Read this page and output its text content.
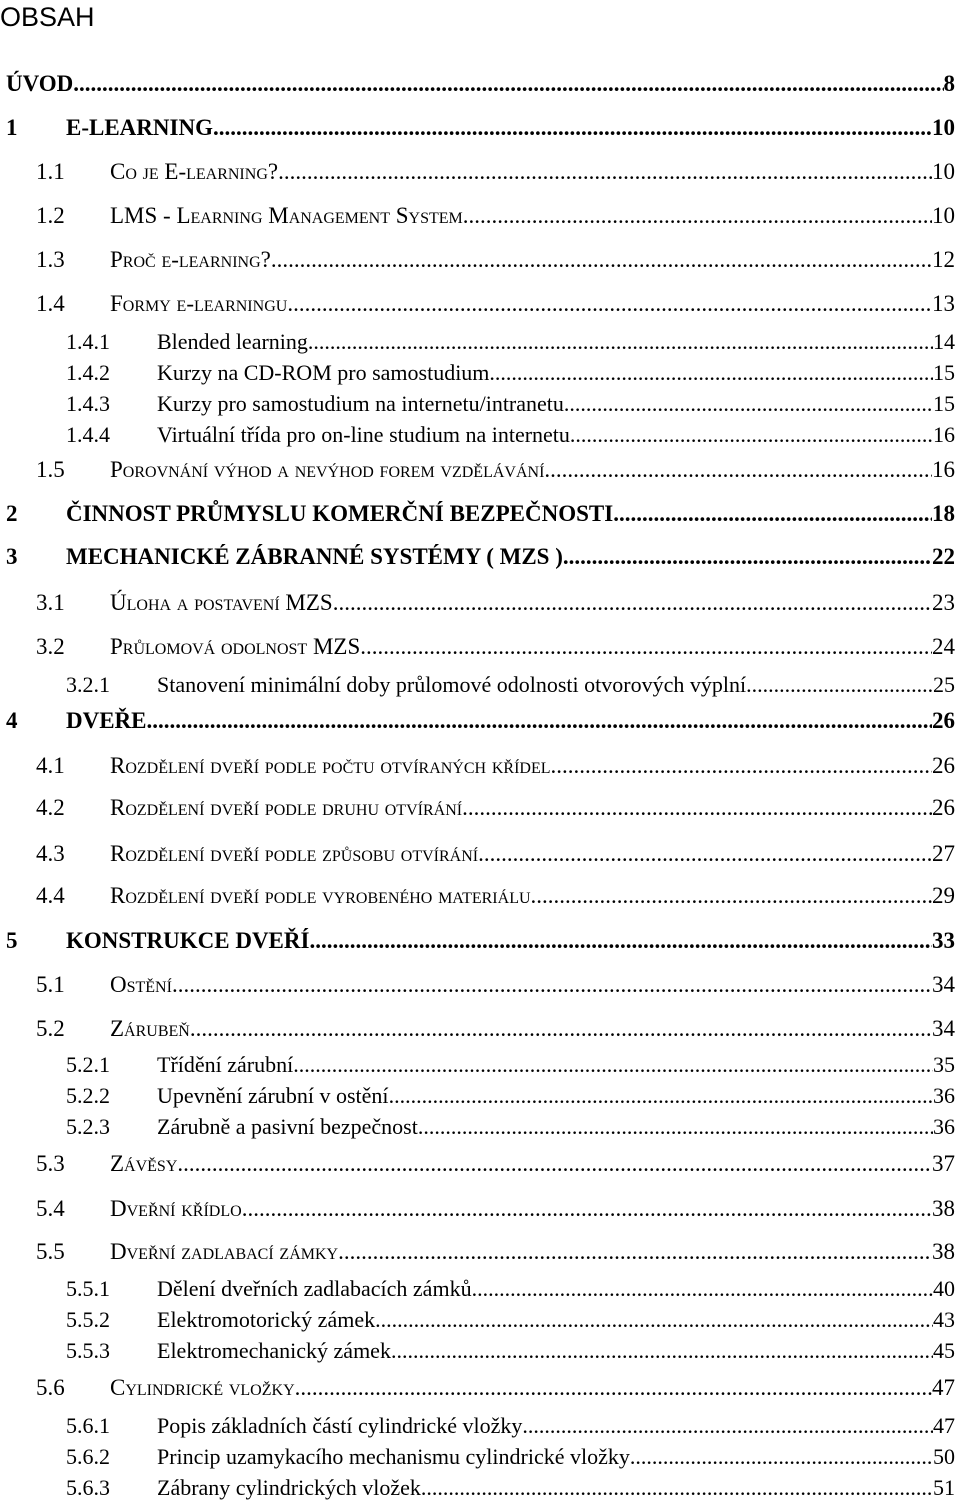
OBSAH
ÚVOD .....	8
1 E-LEARNING .....	10
1.1 Co je E-learning? .....	10
1.2 LMS - Learning Management System .....	10
1.3 Proč e-learning? .....	12
1.4 Formy e-learningu .....	13
1.4.1 Blended learning .....	14
1.4.2 Kurzy na CD-ROM pro samostudium .....	15
1.4.3 Kurzy pro samostudium na internetu/intranetu .....	15
1.4.4 Virtuální třída pro on-line studium na internetu .....	16
1.5 Porovnání výhod a nevýhod forem vzdělávání .....	16
2 ČINNOST PRŮMYSLU KOMERČNÍ BEZPEČNOSTI .....	18
3 MECHANICKÉ ZÁBRANNÉ SYSTÉMY ( MZS ) .....	22
3.1 Úloha a postavení MZS .....	23
3.2 Průlomová odolnost MZS .....	24
3.2.1 Stanovení minimální doby průlomové odolnosti otvorových výplní .....	25
4 DVEŘE .....	26
4.1 Rozdělení dveří podle počtu otvíraných křídel .....	26
4.2 Rozdělení dveří podle druhu otvírání .....	26
4.3 Rozdělení dveří podle způsobu otvírání .....	27
4.4 Rozdělení dveří podle vyrobeného materiálu .....	29
5 KONSTRUKCE DVEŘÍ .....	33
5.1 Ostění .....	34
5.2 Zárubeň .....	34
5.2.1 Třídění zárubní .....	35
5.2.2 Upevnění zárubní v ostění .....	36
5.2.3 Zárubně a pasivní bezpečnost .....	36
5.3 Závěsy .....	37
5.4 Dveřní křídlo .....	38
5.5 Dveřní zadlabací zámky .....	38
5.5.1 Dělení dveřních zadlabacích zámků .....	40
5.5.2 Elektromotorický zámek .....	43
5.5.3 Elektromechanický zámek .....	45
5.6 Cylindrické vložky .....	47
5.6.1 Popis základních částí cylindrické vložky .....	47
5.6.2 Princip uzamykacího mechanismu cylindrické vložky .....	50
5.6.3 Zábrany cylindrických vložek .....	51
